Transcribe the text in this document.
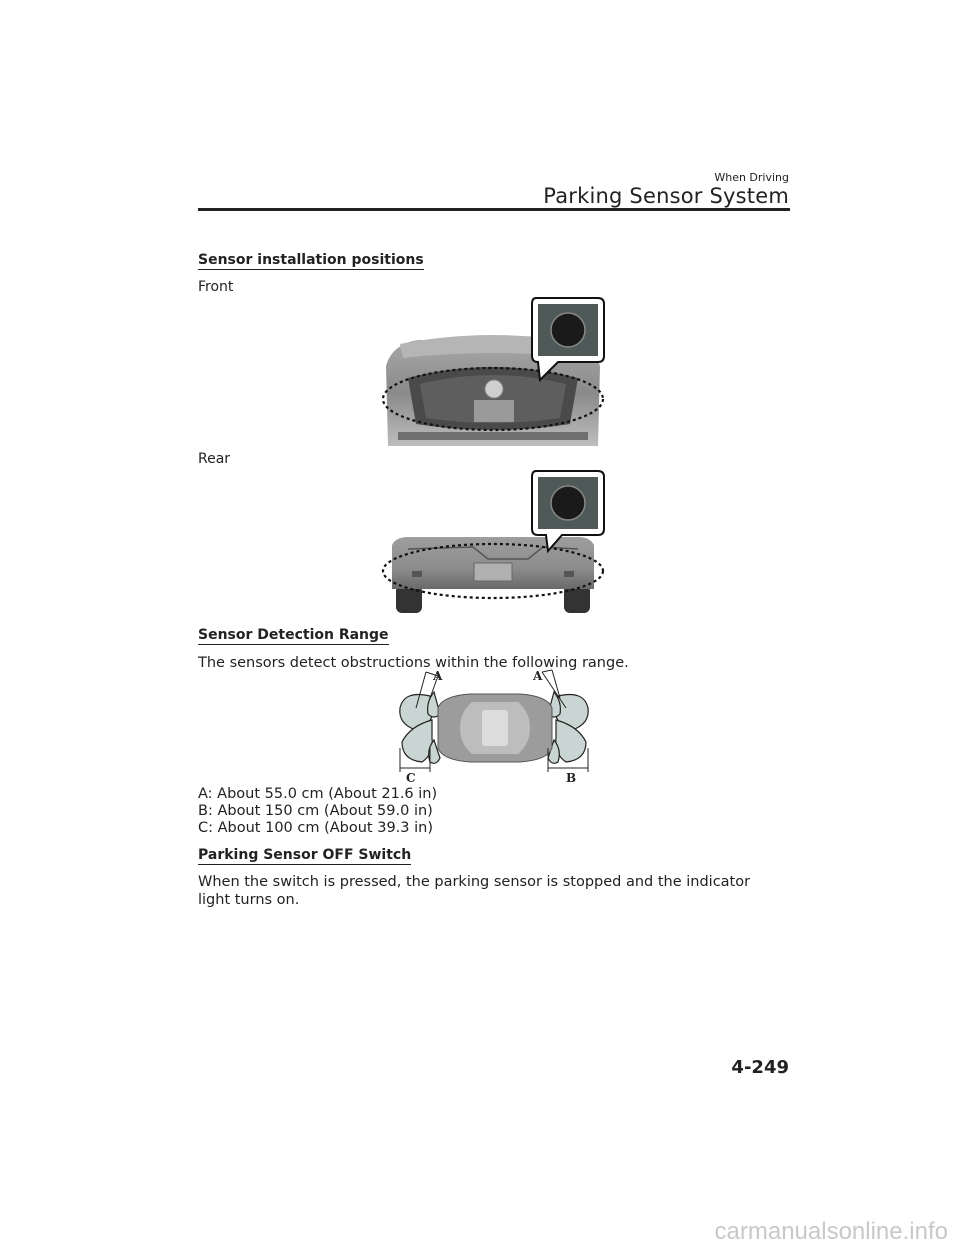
When Driving
Parking Sensor System
Sensor installation positions
Front
Rear
Sensor Detection Range
The sensors detect obstructions within the following range.
A	A
C	B
A: About 55.0 cm (About 21.6 in)
B: About 150 cm (About 59.0 in)
C: About 100 cm (About 39.3 in)
Parking Sensor OFF Switch
When the switch is pressed, the parking sensor is stopped and the indicator light turns on.
4-249
carmanualsonline.info
